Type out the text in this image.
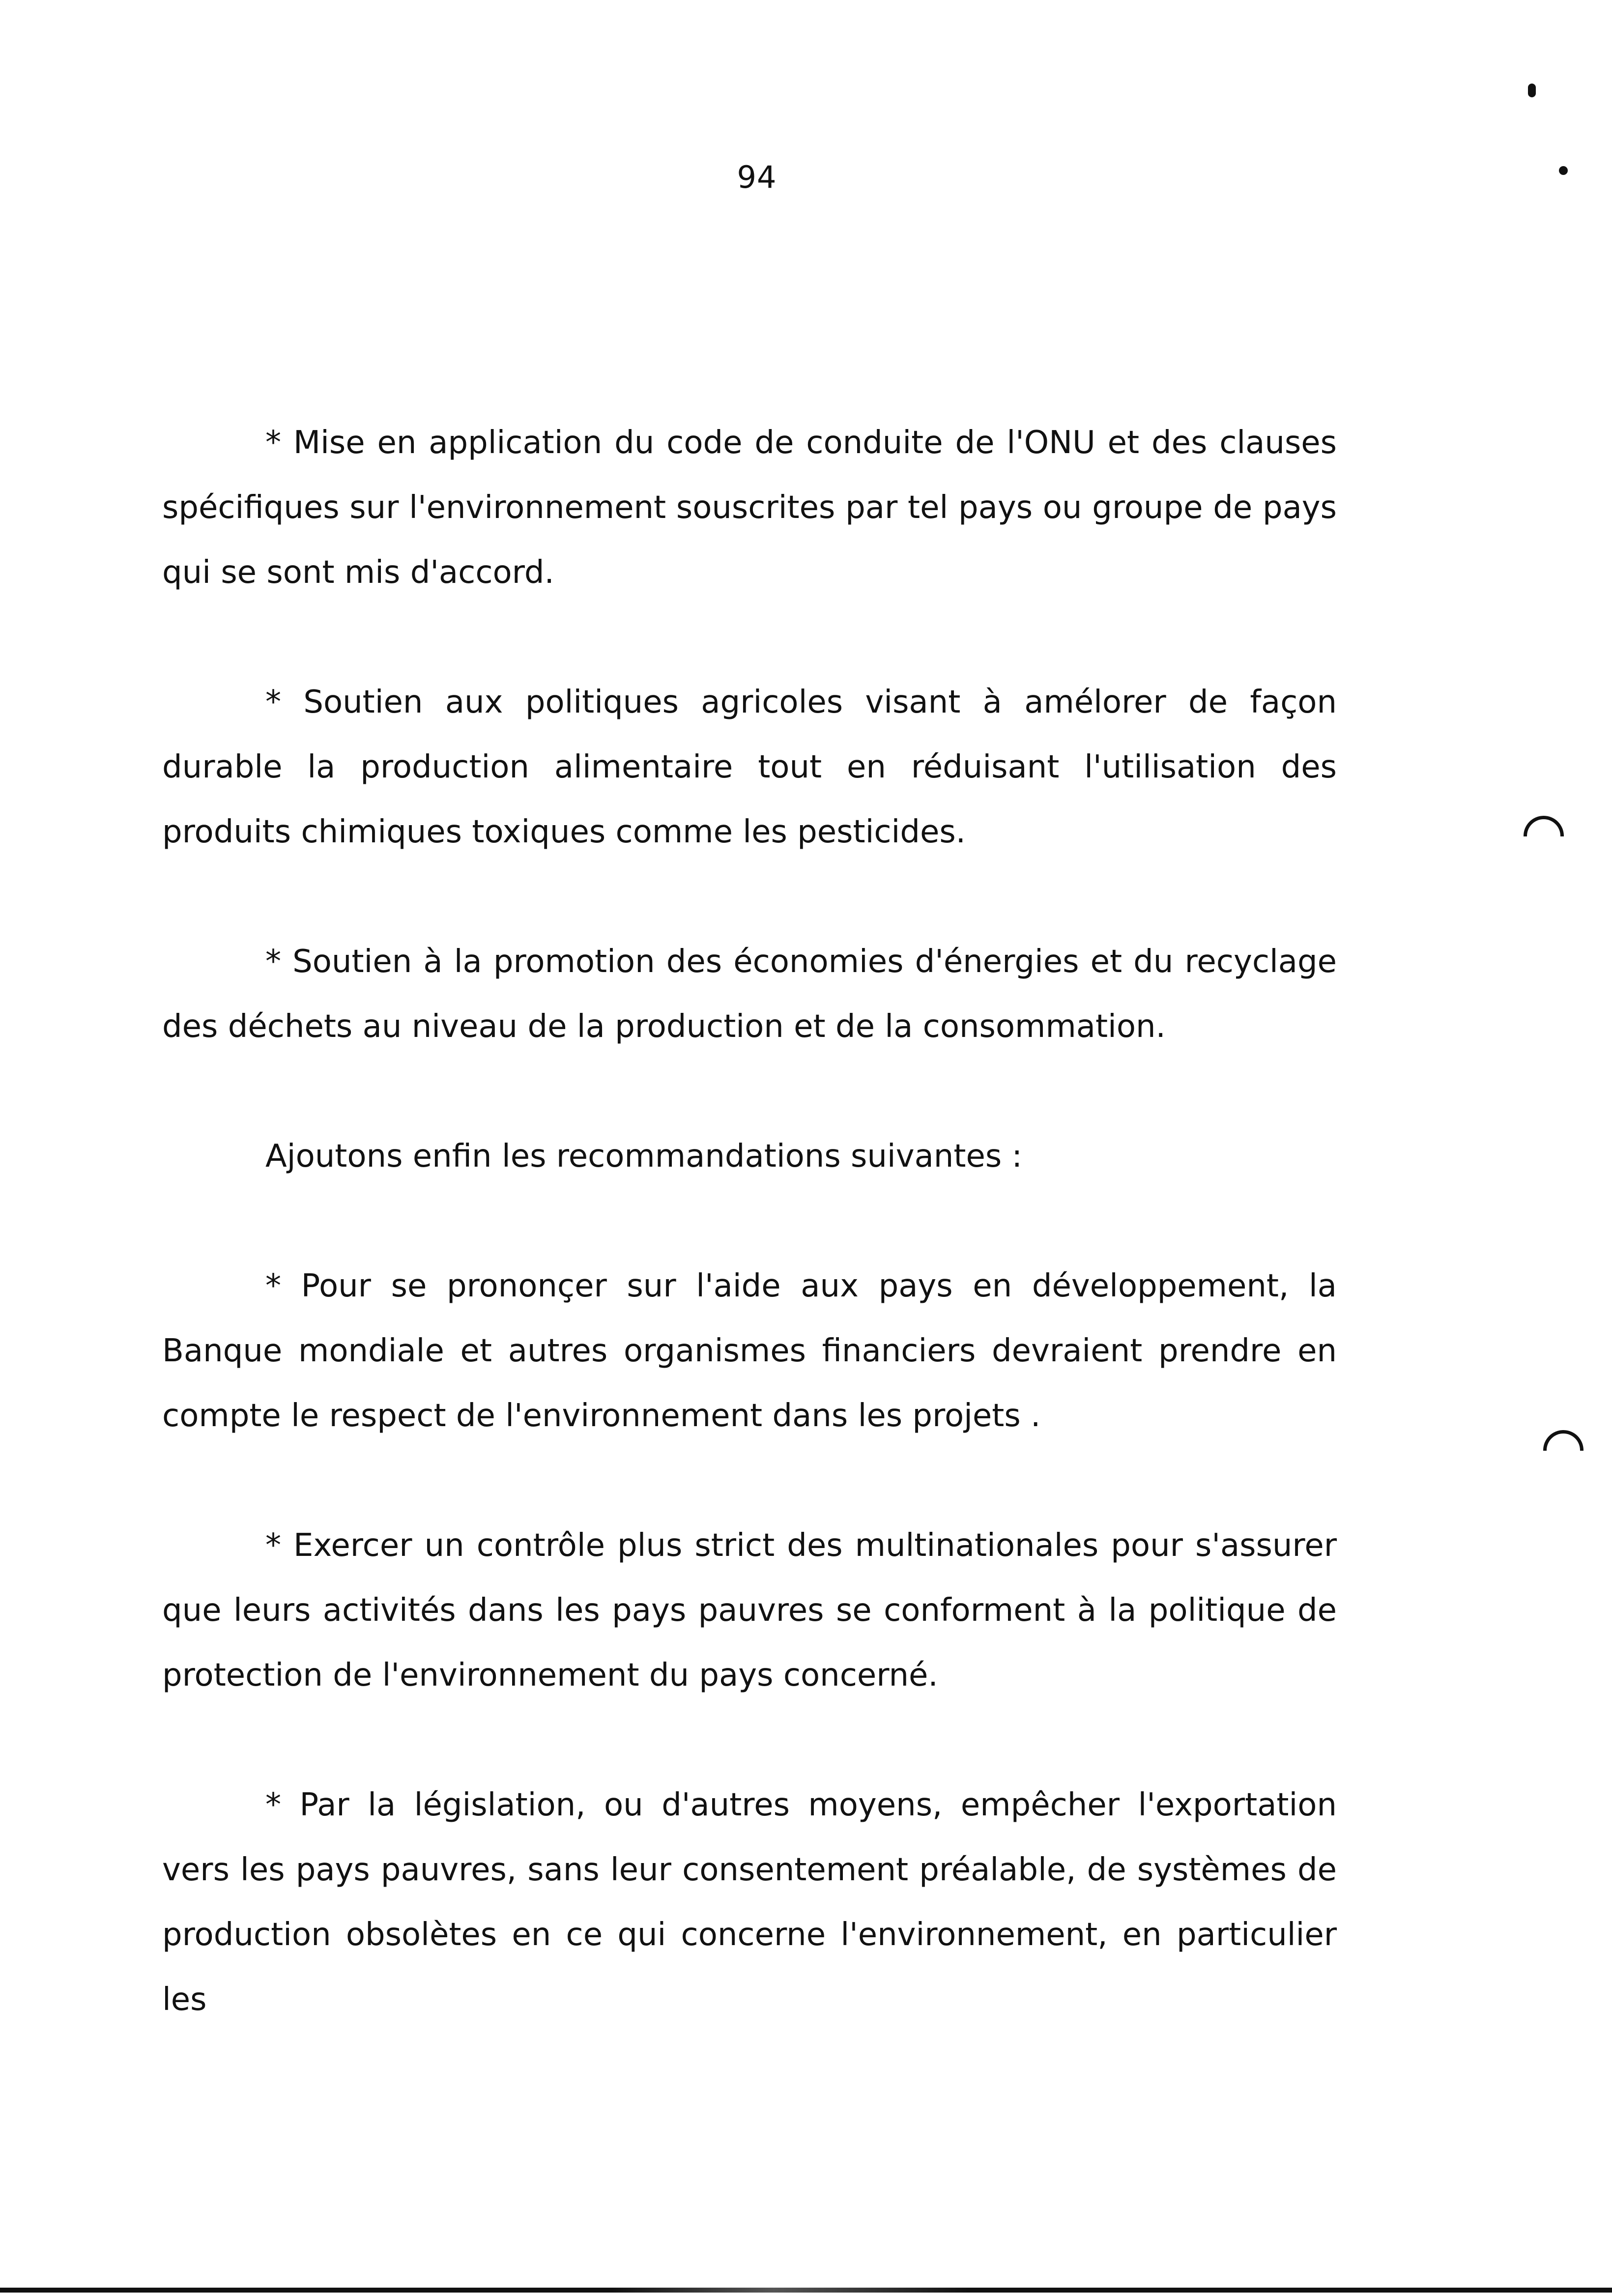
94

* Mise en application du code de conduite de l'ONU et des clauses spécifiques sur l'environnement souscrites par tel pays ou groupe de pays qui se sont mis d'accord.

* Soutien aux politiques agricoles visant à amélorer de façon durable la production alimentaire tout en réduisant l'utilisation des produits chimiques toxiques comme les pesticides.

* Soutien à la promotion des économies d'énergies et du recyclage des déchets au niveau de la production et de la consommation.

Ajoutons enfin les recommandations suivantes :

* Pour se prononçer sur l'aide aux pays en développement, la Banque mondiale et autres organismes financiers devraient prendre en compte le respect de l'environnement dans les projets .

* Exercer un contrôle plus strict des multinationales pour s'assurer que leurs activités dans les pays pauvres se conforment à la politique de protection de l'environnement du pays concerné.

* Par la législation, ou d'autres moyens, empêcher l'exportation vers les pays pauvres, sans leur consentement préalable, de systèmes de production obsolètes en ce qui concerne l'environnement, en particulier les
